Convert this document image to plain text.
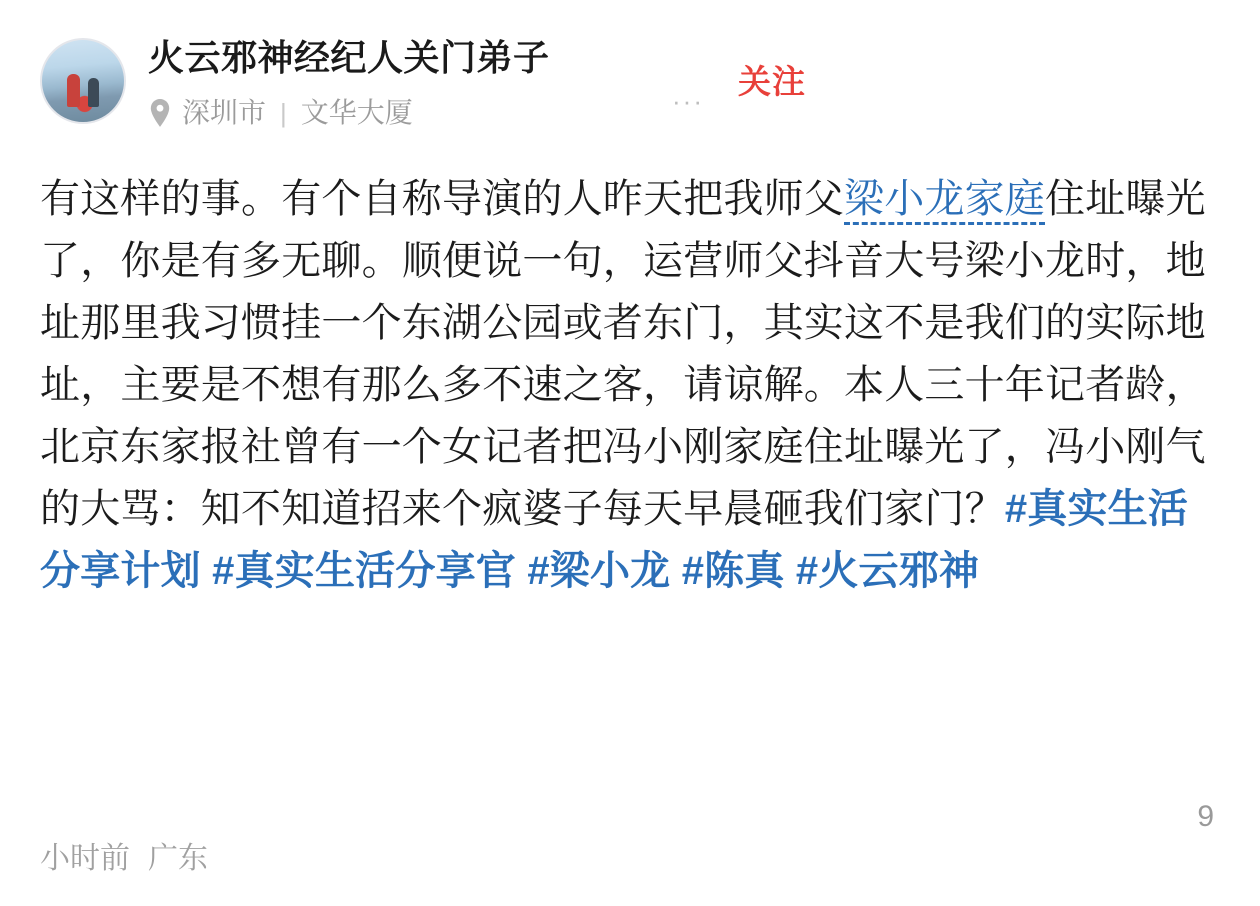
火云邪神经纪人关门弟子
深圳市 | 文华大厦	···
关注
有这样的事。有个自称导演的人昨天把我师父梁小龙家庭住址曝光了，你是有多无聊。顺便说一句，运营师父抖音大号梁小龙时，地址那里我习惯挂一个东湖公园或者东门，其实这不是我们的实际地址，主要是不想有那么多不速之客，请谅解。本人三十年记者龄，北京东家报社曾有一个女记者把冯小刚家庭住址曝光了，冯小刚气的大骂：知不知道招来个疯婆子每天早晨砸我们家门？#真实生活分享计划 #真实生活分享官 #梁小龙 #陈真 #火云邪神
9
小时前 广东
